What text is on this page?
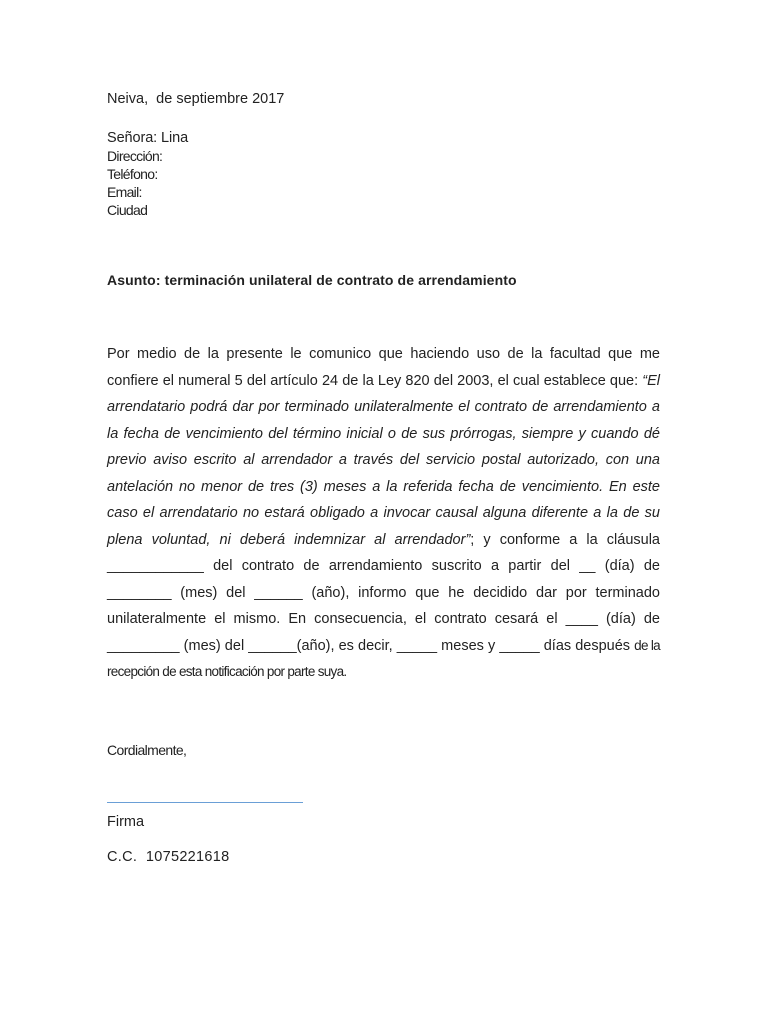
Neiva,  de septiembre 2017
Señora: Lina
Dirección:
Teléfono:
Email:
Ciudad
Asunto: terminación unilateral de contrato de arrendamiento
Por medio de la presente le comunico que haciendo uso de la facultad que me confiere el numeral 5 del artículo 24 de la Ley 820 del 2003, el cual establece que: “El arrendatario podrá dar por terminado unilateralmente el contrato de arrendamiento a la fecha de vencimiento del término inicial o de sus prórrogas, siempre y cuando dé previo aviso escrito al arrendador a través del servicio postal autorizado, con una antelación no menor de tres (3) meses a la referida fecha de vencimiento. En este caso el arrendatario no estará obligado a invocar causal alguna diferente a la de su plena voluntad, ni deberá indemnizar al arrendador”; y conforme a la cláusula ____________ del contrato de arrendamiento suscrito a partir del __ (día) de ________ (mes) del ______ (año), informo que he decidido dar por terminado unilateralmente el mismo. En consecuencia, el contrato cesará el ____ (día) de _________ (mes) del ______(año), es decir, _____ meses y _____ días después de la recepción de esta notificación por parte suya.
Cordialmente,
Firma
C.C.  1075221618
